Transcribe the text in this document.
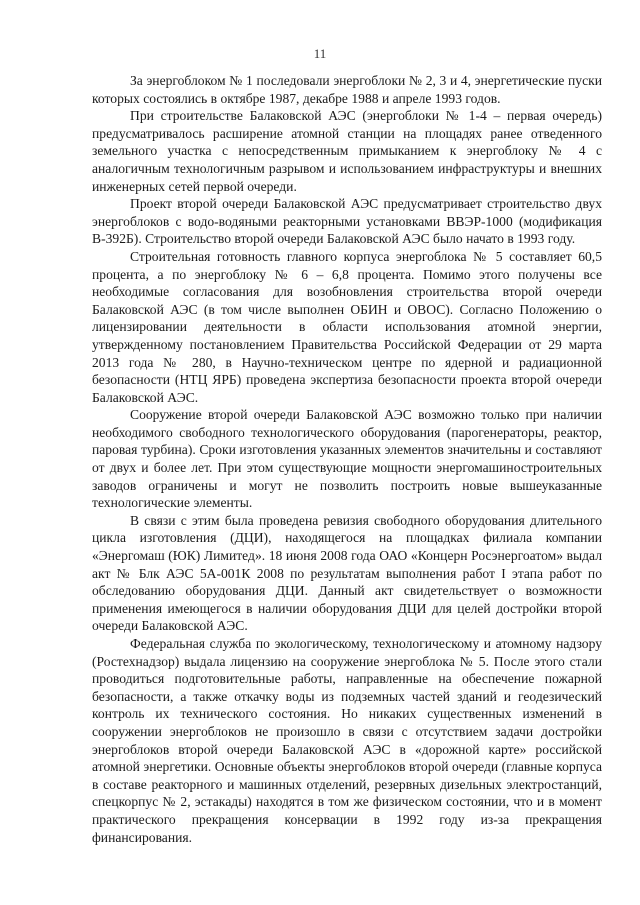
11

За энергоблоком № 1 последовали энергоблоки № 2, 3 и 4, энергетические пуски которых состоялись в октябре 1987, декабре 1988 и апреле 1993 годов.

При строительстве Балаковской АЭС (энергоблоки № 1-4 – первая очередь) предусматривалось расширение атомной станции на площадях ранее отведенного земельного участка с непосредственным примыканием к энергоблоку № 4 с аналогичным технологичным разрывом и использованием инфраструктуры и внешних инженерных сетей первой очереди.

Проект второй очереди Балаковской АЭС предусматривает строительство двух энергоблоков с водо-водяными реакторными установками ВВЭР-1000 (модификация В-392Б). Строительство второй очереди Балаковской АЭС было начато в 1993 году.

Строительная готовность главного корпуса энергоблока № 5 составляет 60,5 процента, а по энергоблоку № 6 – 6,8 процента. Помимо этого получены все необходимые согласования для возобновления строительства второй очереди Балаковской АЭС (в том числе выполнен ОБИН и ОВОС). Согласно Положению о лицензировании деятельности в области использования атомной энергии, утвержденному постановлением Правительства Российской Федерации от 29 марта 2013 года № 280, в Научно-техническом центре по ядерной и радиационной безопасности (НТЦ ЯРБ) проведена экспертиза безопасности проекта второй очереди Балаковской АЭС.

Сооружение второй очереди Балаковской АЭС возможно только при наличии необходимого свободного технологического оборудования (парогенераторы, реактор, паровая турбина). Сроки изготовления указанных элементов значительны и составляют от двух и более лет. При этом существующие мощности энергомашиностроительных заводов ограничены и могут не позволить построить новые вышеуказанные технологические элементы.

В связи с этим была проведена ревизия свободного оборудования длительного цикла изготовления (ДЦИ), находящегося на площадках филиала компании «Энергомаш (ЮК) Лимитед». 18 июня 2008 года ОАО «Концерн Росэнергоатом» выдал акт № Блк АЭС 5А-001К 2008 по результатам выполнения работ I этапа работ по обследованию оборудования ДЦИ. Данный акт свидетельствует о возможности применения имеющегося в наличии оборудования ДЦИ для целей достройки второй очереди Балаковской АЭС.

Федеральная служба по экологическому, технологическому и атомному надзору (Ростехнадзор) выдала лицензию на сооружение энергоблока № 5. После этого стали проводиться подготовительные работы, направленные на обеспечение пожарной безопасности, а также откачку воды из подземных частей зданий и геодезический контроль их технического состояния. Но никаких существенных изменений в сооружении энергоблоков не произошло в связи с отсутствием задачи достройки энергоблоков второй очереди Балаковской АЭС в «дорожной карте» российской атомной энергетики. Основные объекты энергоблоков второй очереди (главные корпуса в составе реакторного и машинных отделений, резервных дизельных электростанций, спецкорпус № 2, эстакады) находятся в том же физическом состоянии, что и в момент практического прекращения консервации в 1992 году из-за прекращения финансирования.
